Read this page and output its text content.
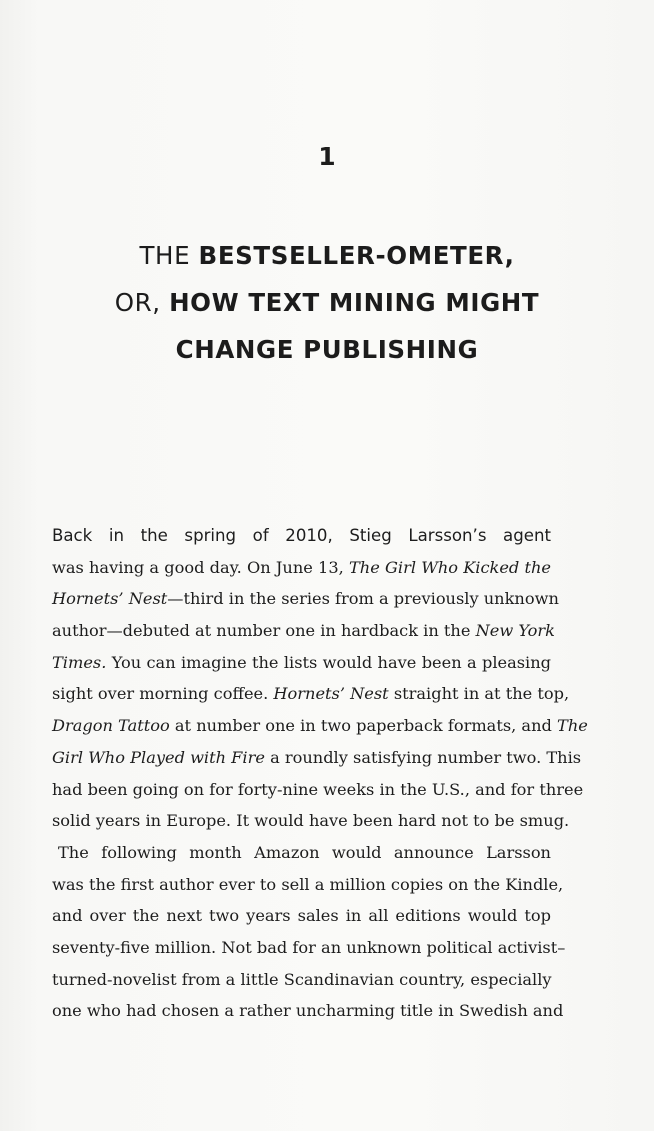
1
THE BESTSELLER-OMETER,
OR, HOW TEXT MINING MIGHT
CHANGE PUBLISHING
Back in the spring of 2010, Stieg Larsson’s agent
was having a good day. On June 13, The Girl Who Kicked the
Hornets’ Nest—third in the series from a previously unknown
author—debuted at number one in hardback in the New York
Times. You can imagine the lists would have been a pleasing
sight over morning coffee. Hornets’ Nest straight in at the top,
Dragon Tattoo at number one in two paperback formats, and The
Girl Who Played with Fire a roundly satisfying number two. This
had been going on for forty-nine weeks in the U.S., and for three
solid years in Europe. It would have been hard not to be smug.
The following month Amazon would announce Larsson
was the first author ever to sell a million copies on the Kindle,
and over the next two years sales in all editions would top
seventy-five million. Not bad for an unknown political activist–
turned-novelist from a little Scandinavian country, especially
one who had chosen a rather uncharming title in Swedish and
